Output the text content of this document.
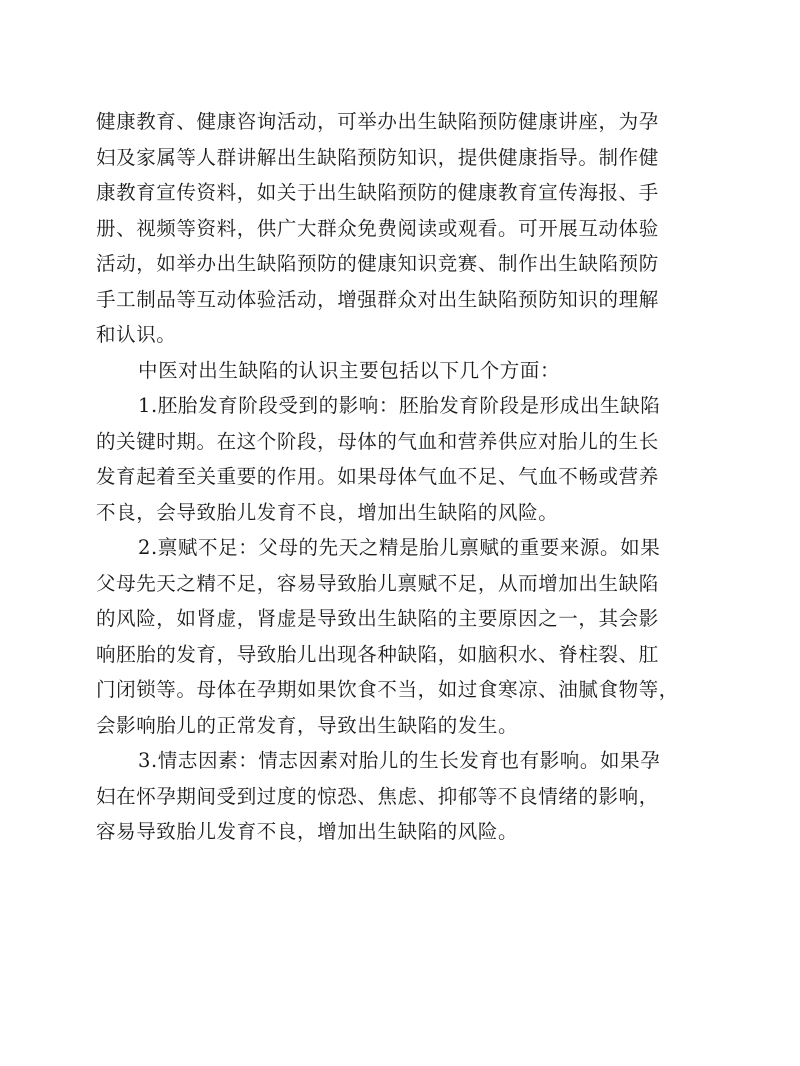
健康教育、健康咨询活动，可举办出生缺陷预防健康讲座，为孕
妇及家属等人群讲解出生缺陷预防知识，提供健康指导。制作健
康教育宣传资料，如关于出生缺陷预防的健康教育宣传海报、手
册、视频等资料，供广大群众免费阅读或观看。可开展互动体验
活动，如举办出生缺陷预防的健康知识竞赛、制作出生缺陷预防
手工制品等互动体验活动，增强群众对出生缺陷预防知识的理解
和认识。
中医对出生缺陷的认识主要包括以下几个方面：
1.胚胎发育阶段受到的影响：胚胎发育阶段是形成出生缺陷
的关键时期。在这个阶段，母体的气血和营养供应对胎儿的生长
发育起着至关重要的作用。如果母体气血不足、气血不畅或营养
不良，会导致胎儿发育不良，增加出生缺陷的风险。
2.禀赋不足：父母的先天之精是胎儿禀赋的重要来源。如果
父母先天之精不足，容易导致胎儿禀赋不足，从而增加出生缺陷
的风险，如肾虚，肾虚是导致出生缺陷的主要原因之一，其会影
响胚胎的发育，导致胎儿出现各种缺陷，如脑积水、脊柱裂、肛
门闭锁等。母体在孕期如果饮食不当，如过食寒凉、油腻食物等，
会影响胎儿的正常发育，导致出生缺陷的发生。
3.情志因素：情志因素对胎儿的生长发育也有影响。如果孕
妇在怀孕期间受到过度的惊恐、焦虑、抑郁等不良情绪的影响，
容易导致胎儿发育不良，增加出生缺陷的风险。
